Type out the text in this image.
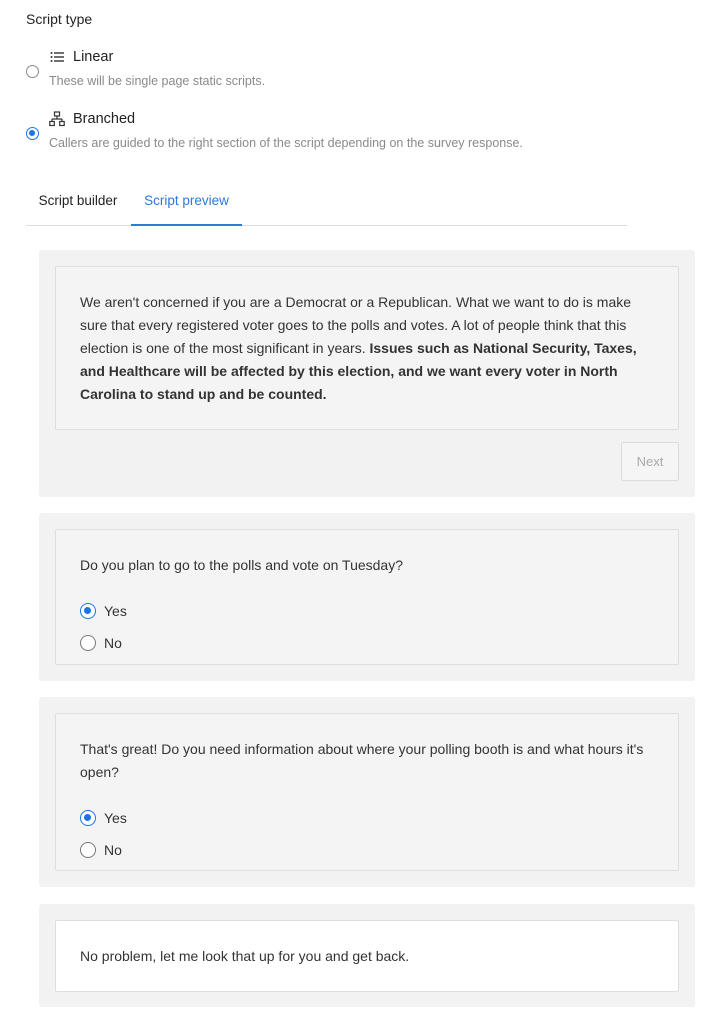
Script type
Linear
These will be single page static scripts.
Branched
Callers are guided to the right section of the script depending on the survey response.
Script builder	Script preview
We aren't concerned if you are a Democrat or a Republican. What we want to do is make sure that every registered voter goes to the polls and votes. A lot of people think that this election is one of the most significant in years. Issues such as National Security, Taxes, and Healthcare will be affected by this election, and we want every voter in North Carolina to stand up and be counted.
Next
Do you plan to go to the polls and vote on Tuesday?
Yes
No
That's great! Do you need information about where your polling booth is and what hours it's open?
Yes
No
No problem, let me look that up for you and get back.
